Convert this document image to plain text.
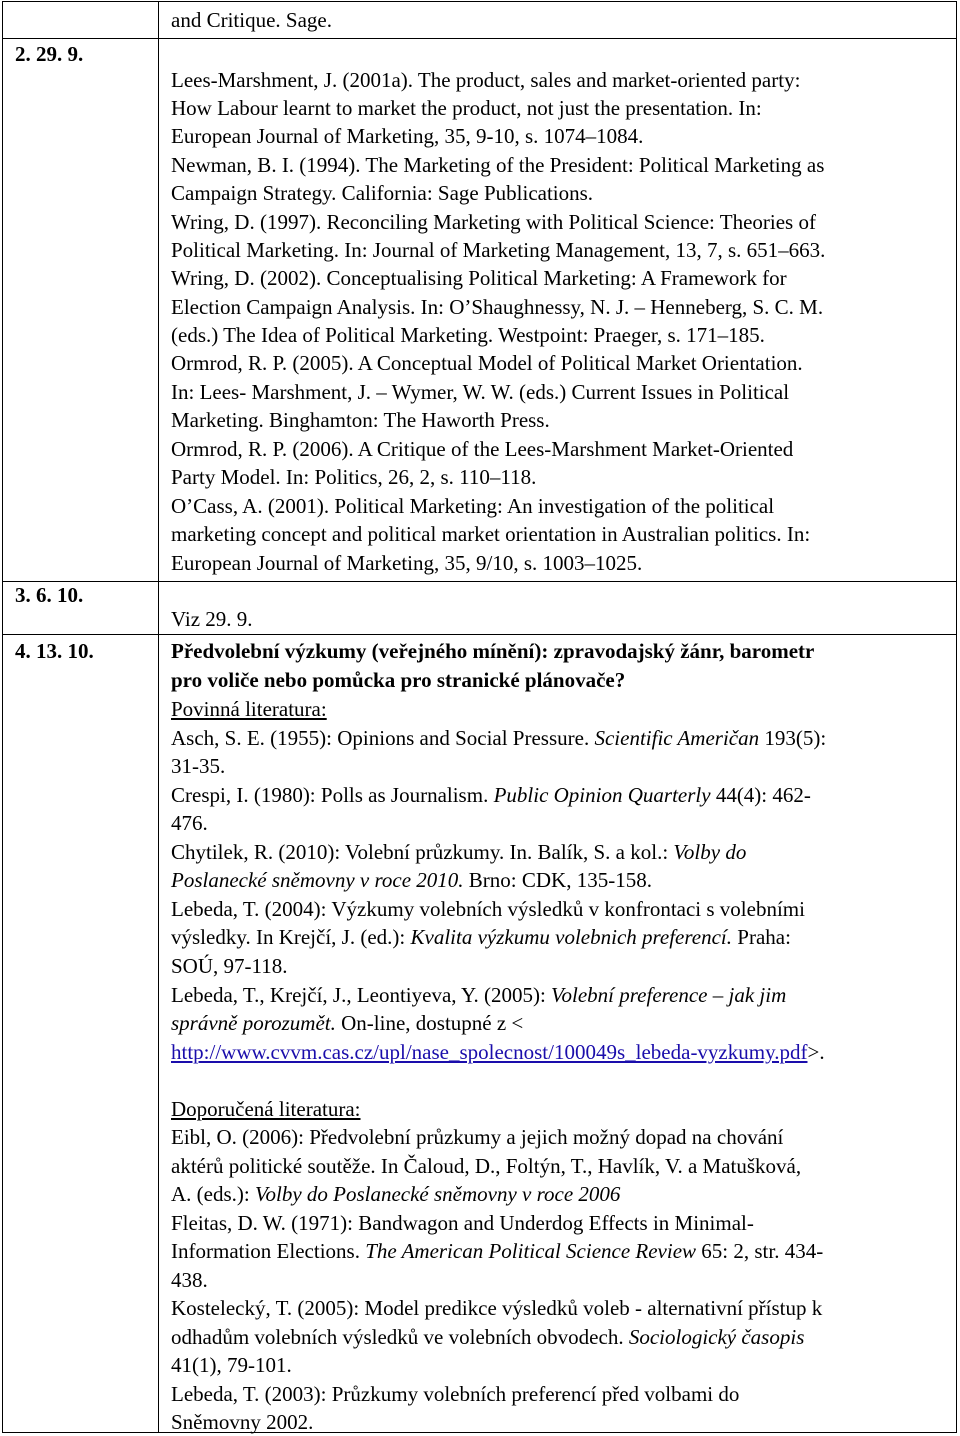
2. 29. 9.
3. 6. 10.
4. 13. 10.
and Critique. Sage.
Lees-Marshment, J. (2001a). The product, sales and market-oriented party:
How Labour learnt to market the product, not just the presentation. In:
European Journal of Marketing, 35, 9-10, s. 1074–1084.
Newman, B. I. (1994). The Marketing of the President: Political Marketing as
Campaign Strategy. California: Sage Publications.
Wring, D. (1997). Reconciling Marketing with Political Science: Theories of
Political Marketing. In: Journal of Marketing Management, 13, 7, s. 651–663.
Wring, D. (2002). Conceptualising Political Marketing: A Framework for
Election Campaign Analysis. In: O’Shaughnessy, N. J. – Henneberg, S. C. M.
(eds.) The Idea of Political Marketing. Westpoint: Praeger, s. 171–185.
Ormrod, R. P. (2005). A Conceptual Model of Political Market Orientation.
In: Lees- Marshment, J. – Wymer, W. W. (eds.) Current Issues in Political
Marketing. Binghamton: The Haworth Press.
Ormrod, R. P. (2006). A Critique of the Lees-Marshment Market-Oriented
Party Model. In: Politics, 26, 2, s. 110–118.
O’Cass, A. (2001). Political Marketing: An investigation of the political
marketing concept and political market orientation in Australian politics. In:
European Journal of Marketing, 35, 9/10, s. 1003–1025.
Viz 29. 9.
Předvolební výzkumy (veřejného mínění): zpravodajský žánr, barometr
pro voliče nebo pomůcka pro stranické plánovače?
Povinná literatura:
Asch, S. E. (1955): Opinions and Social Pressure. Scientific Američan 193(5):
31-35.
Crespi, I. (1980): Polls as Journalism. Public Opinion Quarterly 44(4): 462-
476.
Chytilek, R. (2010): Volební průzkumy. In. Balík, S. a kol.: Volby do
Poslanecké sněmovny v roce 2010. Brno: CDK, 135-158.
Lebeda, T. (2004): Výzkumy volebních výsledků v konfrontaci s volebními
výsledky. In Krejčí, J. (ed.): Kvalita výzkumu volebnich preferencí. Praha:
SOÚ, 97-118.
Lebeda, T., Krejčí, J., Leontiyeva, Y. (2005): Volební preference – jak jim
správně porozumět. On-line, dostupné z <
http://www.cvvm.cas.cz/upl/nase_spolecnost/100049s_lebeda-vyzkumy.pdf>.
Doporučená literatura:
Eibl, O. (2006): Předvolební průzkumy a jejich možný dopad na chování
aktérů politické soutěže. In Čaloud, D., Foltýn, T., Havlík, V. a Matušková,
A. (eds.): Volby do Poslanecké sněmovny v roce 2006
Fleitas, D. W. (1971): Bandwagon and Underdog Effects in Minimal-
Information Elections. The American Political Science Review 65: 2, str. 434-
438.
Kostelecký, T. (2005): Model predikce výsledků voleb - alternativní přístup k
odhadům volebních výsledků ve volebních obvodech. Sociologický časopis
41(1), 79-101.
Lebeda, T. (2003): Průzkumy volebních preferencí před volbami do
Sněmovny 2002.
